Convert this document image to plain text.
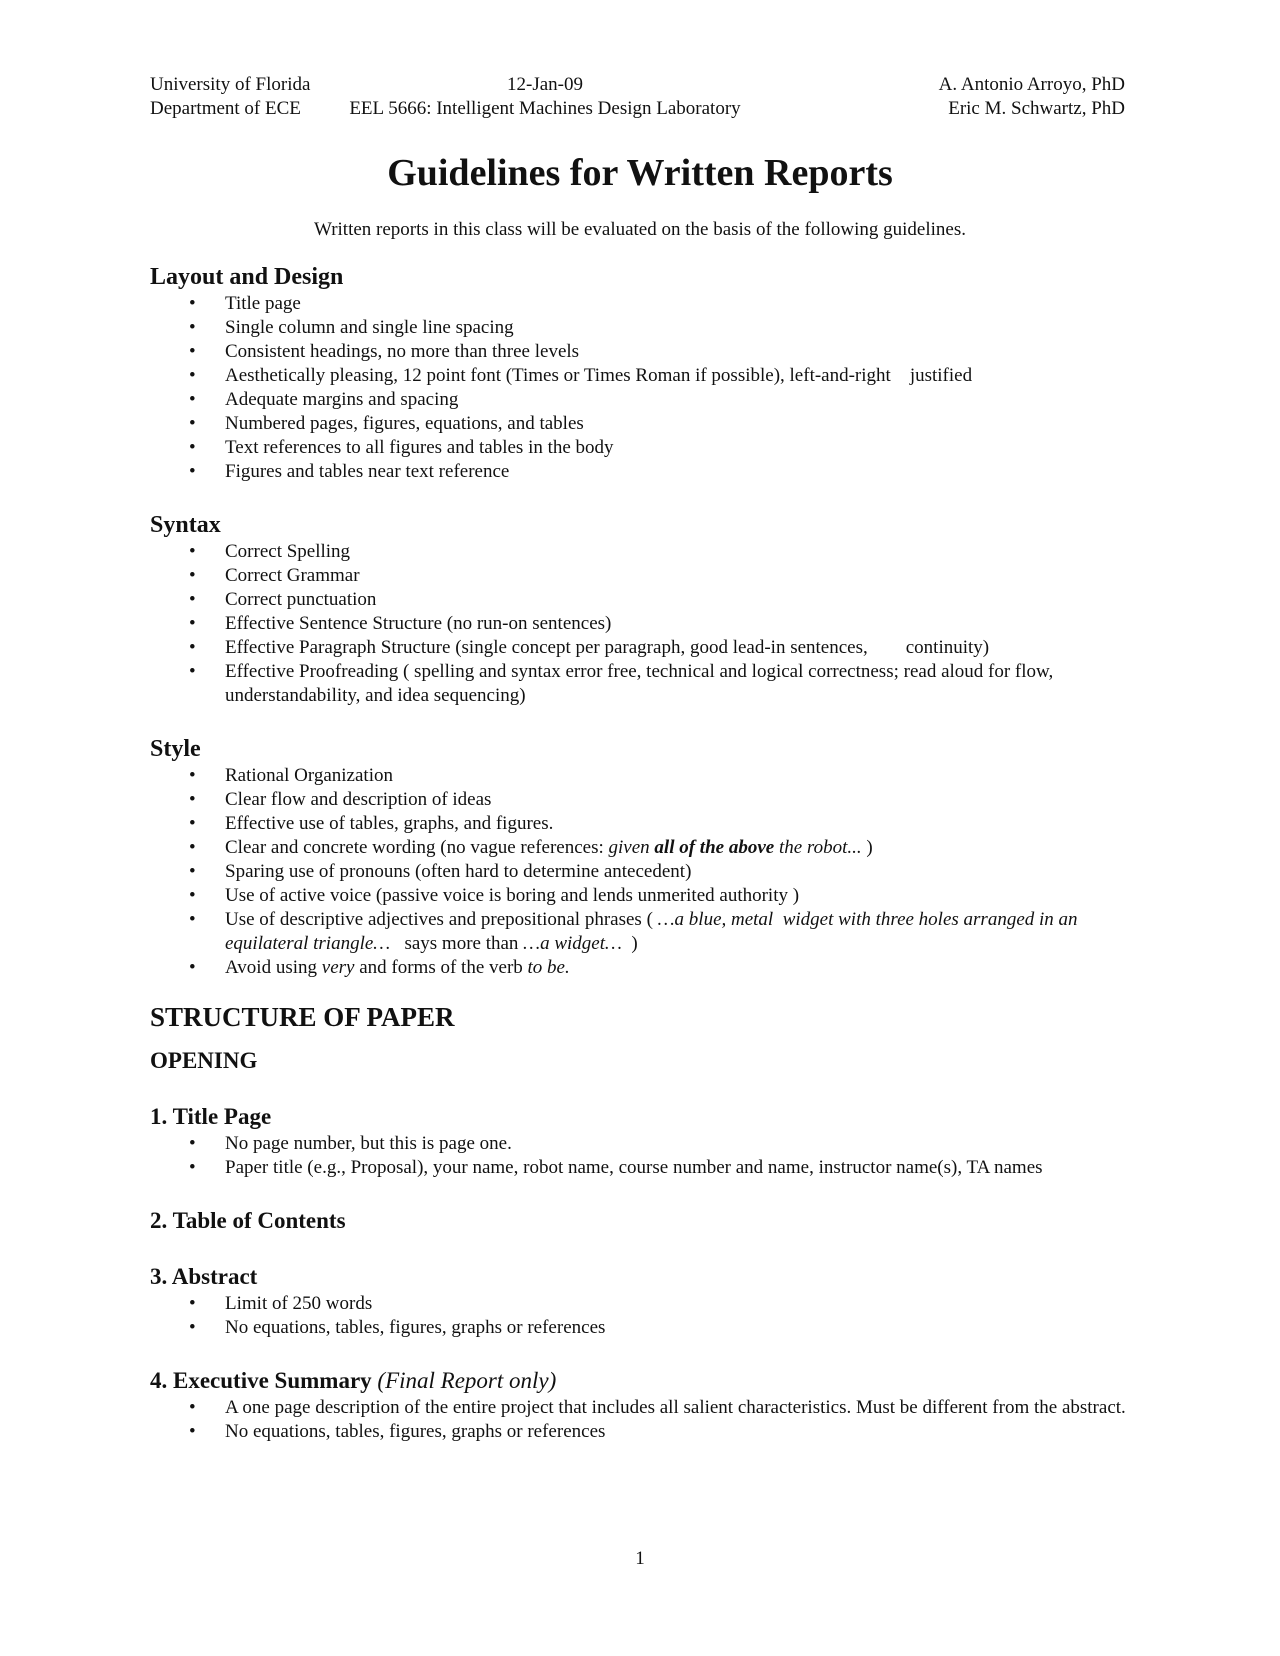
University of Florida
Department of ECE
12-Jan-09
EEL 5666: Intelligent Machines Design Laboratory
A. Antonio Arroyo, PhD
Eric M. Schwartz, PhD
Guidelines for Written Reports
Written reports in this class will be evaluated on the basis of the following guidelines.
Layout and Design
• Title page
• Single column and single line spacing
• Consistent headings, no more than three levels
• Aesthetically pleasing, 12 point font (Times or Times Roman if possible), left-and-right    justified
• Adequate margins and spacing
• Numbered pages, figures, equations, and tables
• Text references to all figures and tables in the body
• Figures and tables near text reference
Syntax
• Correct Spelling
• Correct Grammar
• Correct punctuation
• Effective Sentence Structure (no run-on sentences)
• Effective Paragraph Structure (single concept per paragraph, good lead-in sentences,        continuity)
• Effective Proofreading ( spelling and syntax error free, technical and logical correctness; read aloud for flow, understandability, and idea sequencing)
Style
• Rational Organization
• Clear flow and description of ideas
• Effective use of tables, graphs, and figures.
• Clear and concrete wording (no vague references: given all of the above the robot... )
• Sparing use of pronouns (often hard to determine antecedent)
• Use of active voice (passive voice is boring and lends unmerited authority )
• Use of descriptive adjectives and prepositional phrases ( …a blue, metal  widget with three holes arranged in an equilateral triangle…   says more than …a widget…  )
• Avoid using very and forms of the verb to be.
STRUCTURE OF PAPER
OPENING
1. Title Page
• No page number, but this is page one.
• Paper title (e.g., Proposal), your name, robot name, course number and name, instructor name(s), TA names
2. Table of Contents
3. Abstract
• Limit of 250 words
• No equations, tables, figures, graphs or references
4. Executive Summary (Final Report only)
• A one page description of the entire project that includes all salient characteristics. Must be different from the abstract.
• No equations, tables, figures, graphs or references
1
